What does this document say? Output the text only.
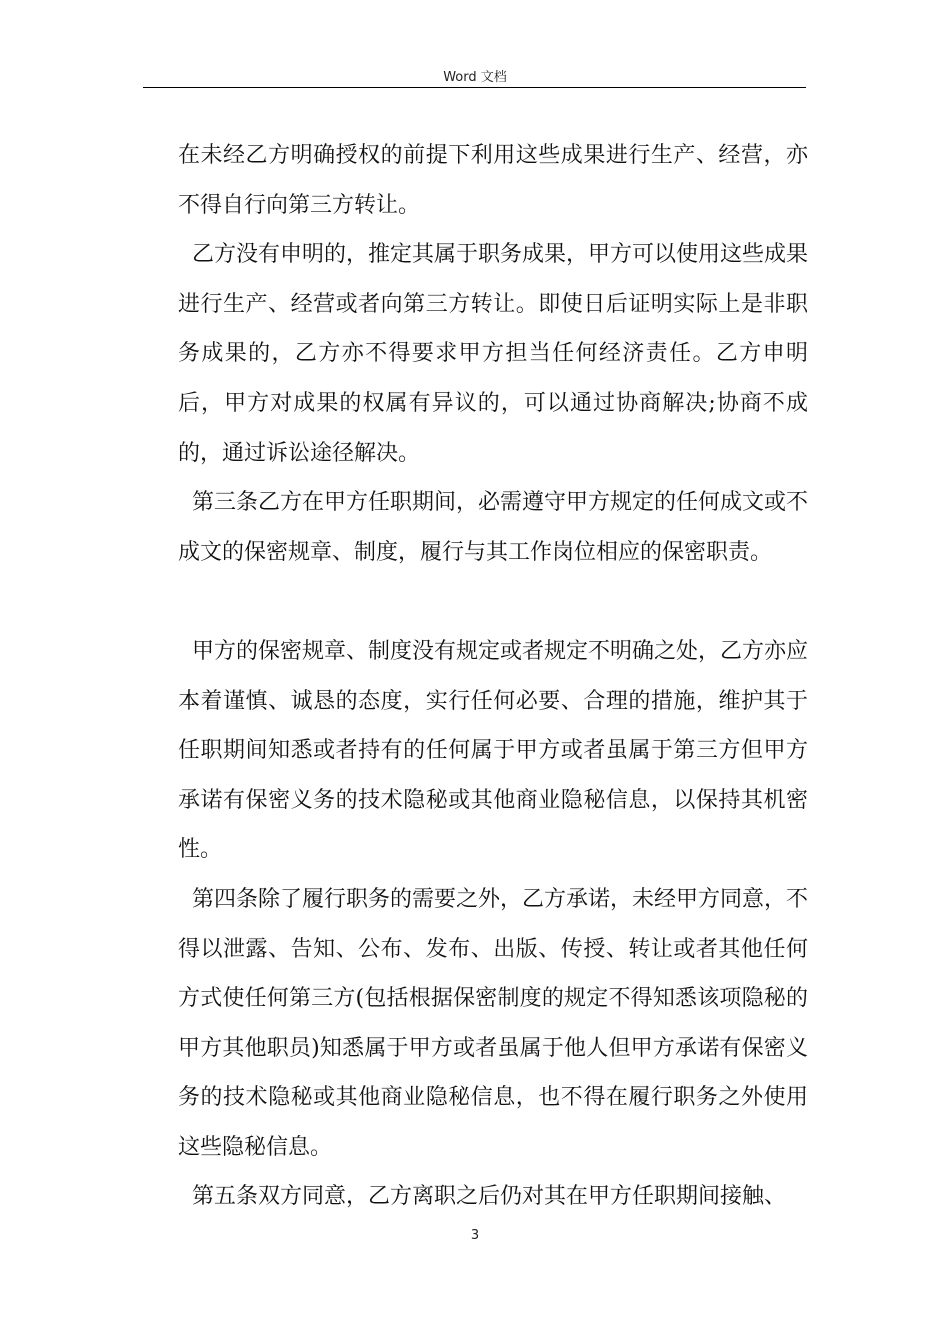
Word 文档

在未经乙方明确授权的前提下利用这些成果进行生产、经营，亦不得自行向第三方转让。

乙方没有申明的，推定其属于职务成果，甲方可以使用这些成果进行生产、经营或者向第三方转让。即使日后证明实际上是非职务成果的，乙方亦不得要求甲方担当任何经济责任。乙方申明后，甲方对成果的权属有异议的，可以通过协商解决;协商不成的，通过诉讼途径解决。

第三条乙方在甲方任职期间，必需遵守甲方规定的任何成文或不成文的保密规章、制度，履行与其工作岗位相应的保密职责。

甲方的保密规章、制度没有规定或者规定不明确之处，乙方亦应本着谨慎、诚恳的态度，实行任何必要、合理的措施，维护其于任职期间知悉或者持有的任何属于甲方或者虽属于第三方但甲方承诺有保密义务的技术隐秘或其他商业隐秘信息，以保持其机密性。

第四条除了履行职务的需要之外，乙方承诺，未经甲方同意，不得以泄露、告知、公布、发布、出版、传授、转让或者其他任何方式使任何第三方(包括根据保密制度的规定不得知悉该项隐秘的甲方其他职员)知悉属于甲方或者虽属于他人但甲方承诺有保密义务的技术隐秘或其他商业隐秘信息，也不得在履行职务之外使用这些隐秘信息。

第五条双方同意，乙方离职之后仍对其在甲方任职期间接触、

3
